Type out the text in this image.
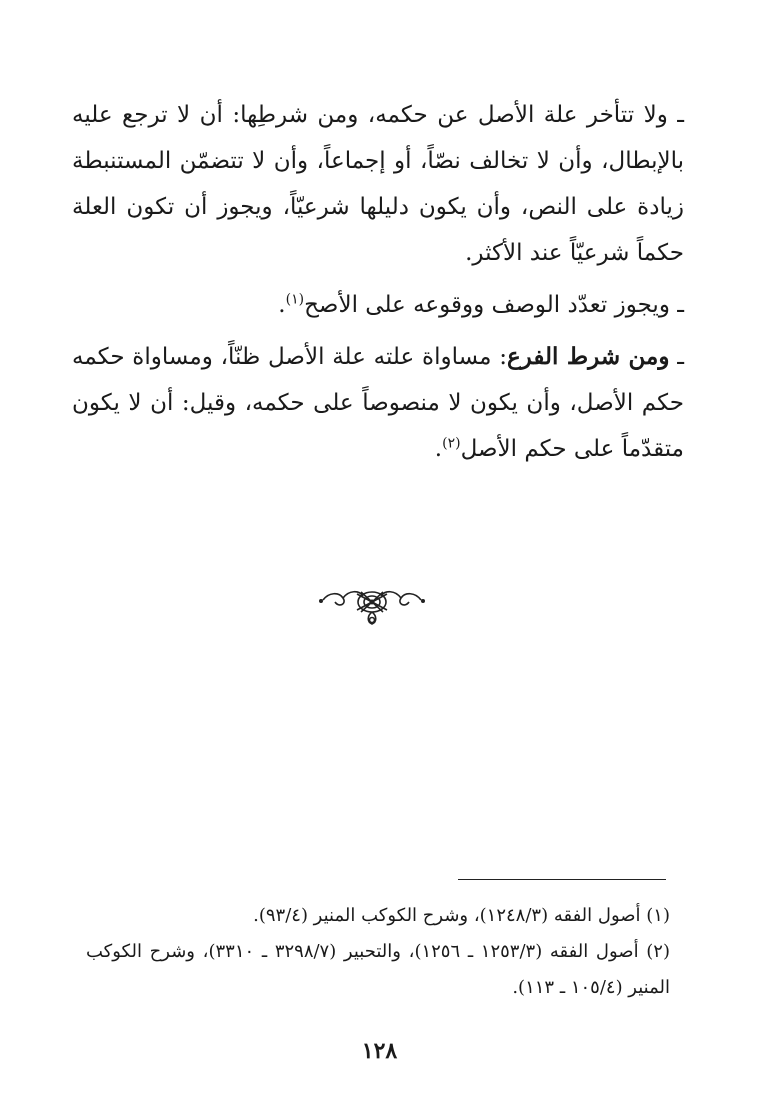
ـ ولا تتأخر علة الأصل عن حكمه، ومن شرطِها: أن لا ترجع عليه بالإبطال، وأن لا تخالف نصّاً، أو إجماعاً، وأن لا تتضمّن المستنبطة زيادة على النص، وأن يكون دليلها شرعيّاً، ويجوز أن تكون العلة حكماً شرعيّاً عند الأكثر.

ـ ويجوز تعدّد الوصف ووقوعه على الأصح$^{(١)}$.

ـ ومن شرط الفرع: مساواة علته علة الأصل ظنّاً، ومساواة حكمه حكم الأصل، وأن يكون لا منصوصاً على حكمه، وقيل: أن لا يكون متقدّماً على حكم الأصل$^{(٢)}$.

(١) أصول الفقه (١٢٤٨/٣)، وشرح الكوكب المنير (٩٣/٤).

(٢) أصول الفقه (١٢٥٣/٣ ـ ١٢٥٦)، والتحبير (٣٢٩٨/٧ ـ ٣٣١٠)، وشرح الكوكب المنير (١٠٥/٤ ـ ١١٣).

١٢٨
